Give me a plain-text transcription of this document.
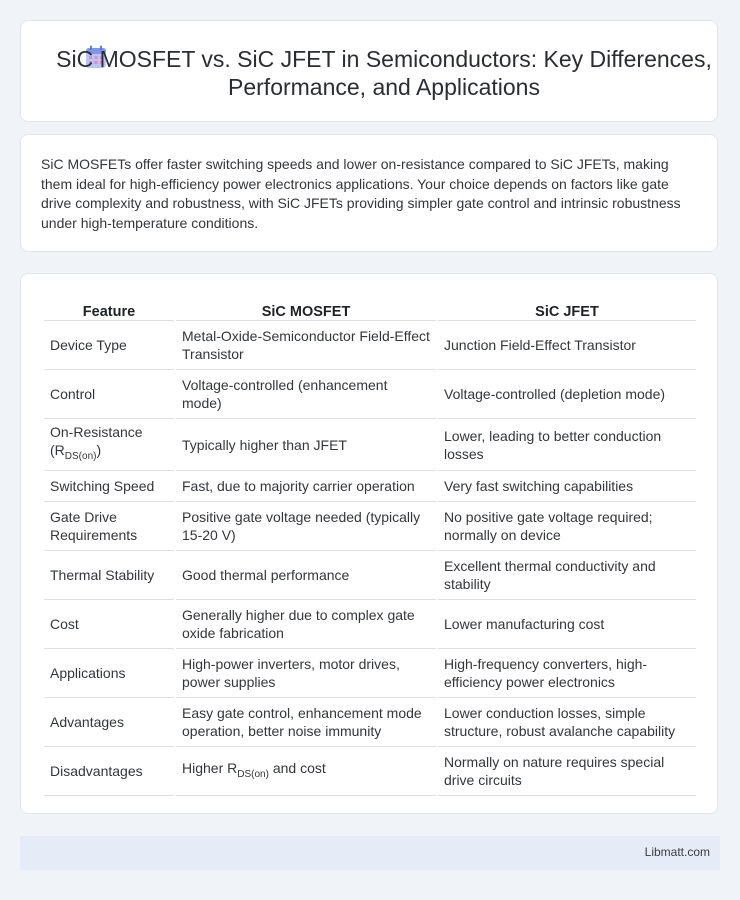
SiC MOSFET vs. SiC JFET in Semiconductors: Key Differences, Performance, and Applications

SiC MOSFETs offer faster switching speeds and lower on-resistance compared to SiC JFETs, making them ideal for high-efficiency power electronics applications. Your choice depends on factors like gate drive complexity and robustness, with SiC JFETs providing simpler gate control and intrinsic robustness under high-temperature conditions.

Feature	SiC MOSFET	SiC JFET
Device Type	Metal-Oxide-Semiconductor Field-Effect Transistor	Junction Field-Effect Transistor
Control	Voltage-controlled (enhancement mode)	Voltage-controlled (depletion mode)
On-Resistance $(R_{DS(on)})$	Typically higher than JFET	Lower, leading to better conduction losses
Switching Speed	Fast, due to majority carrier operation	Very fast switching capabilities
Gate Drive Requirements	Positive gate voltage needed (typically 15-20 V)	No positive gate voltage required; normally on device
Thermal Stability	Good thermal performance	Excellent thermal conductivity and stability
Cost	Generally higher due to complex gate oxide fabrication	Lower manufacturing cost
Applications	High-power inverters, motor drives, power supplies	High-frequency converters, high-efficiency power electronics
Advantages	Easy gate control, enhancement mode operation, better noise immunity	Lower conduction losses, simple structure, robust avalanche capability
Disadvantages	Higher $R_{DS(on)}$ and cost	Normally on nature requires special drive circuits
Libmatt.com
